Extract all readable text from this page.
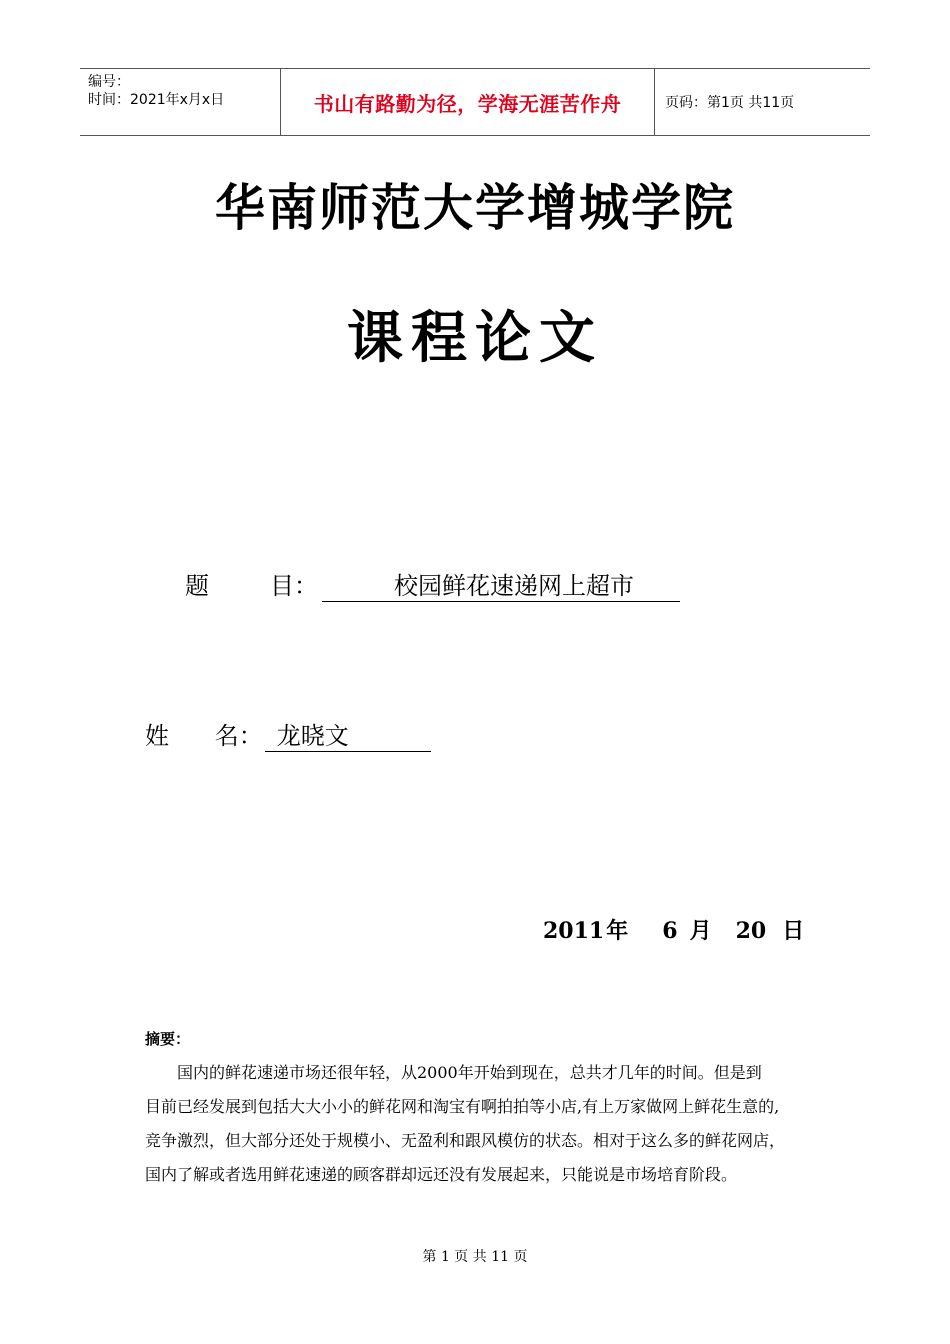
编号：
时间：2021年x月x日	书山有路勤为径，学海无涯苦作舟	页码：第1页 共11页
华南师范大学增城学院
课程论文
题        目：	校园鲜花速递网上超市
姓      名： 龙晓文
2011年 6 月 20 日
摘要：

国内的鲜花速递市场还很年轻，从2000年开始到现在，总共才几年的时间。但是到

目前已经发展到包括大大小小的鲜花网和淘宝有啊拍拍等小店,有上万家做网上鲜花生意的,

竞争激烈，但大部分还处于规模小、无盈利和跟风模仿的状态。相对于这么多的鲜花网店，

国内了解或者选用鲜花速递的顾客群却远还没有发展起来，只能说是市场培育阶段。

第 1 页 共 11 页
